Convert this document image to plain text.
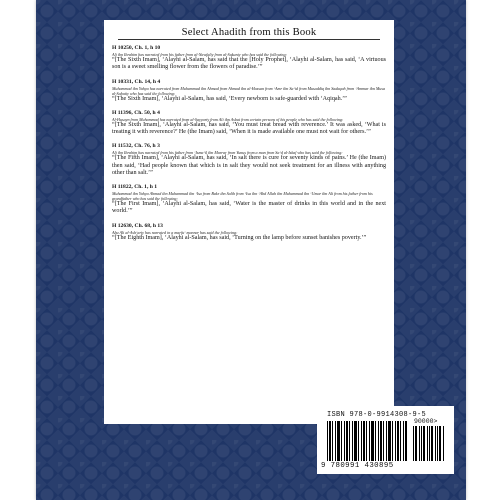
Select Ahadith from this Book
H 10250, Ch. 1, h 10
Ali ibn Ibrahim has narrated from his father from al-Nawfaliy from al-Sakuniy who has said the following:
“[The Sixth Imam], ‘Alayhi al-Salam, has said that the [Holy Prophet], ‘Alayhi al-Salam, has said, ‘A virtuous son is a sweet smelling flower from the flowers of paradise.’”
H 10331, Ch. 14, h 4
Muhammad ibn Yahya has narrated from Muhammad ibn Ahmad from Ahmad ibn al-Hassan from ‘Amr ibn Sa‘id from Musaddiq ibn Sadaqah from ‘Ammar ibn Musa al-Sabatiy who has said the following:
“[The Sixth Imam], ‘Alayhi al-Salam, has said, ‘Every newborn is safe-guarded with ‘Aqiqah.’”
H 11396, Ch. 50, h 4
Al-Husayn from Muhammad has narrated from al-Sayyariy from Ali ibn Asbat from certain persons of his people who has said the following:
“[The Sixth Imam], ‘Alayhi al-Salam, has said, ‘You must treat bread with reverence.’ It was asked, ‘What is treating it with reverence?’ He (the Imam) said, ‘When it is made available one must not wait for others.’”
H 11532, Ch. 76, h 3
Ali ibn Ibrahim has narrated from his father from ‘Isma‘il ibn Marrar from Yunus from a man from Sa‘d al-Iskaf who has said the following:
“[The Fifth Imam], ‘Alayhi al-Salam, has said, ‘In salt there is cure for seventy kinds of pains.’ He (the Imam) then said, ‘Had people known that which is in salt they would not seek treatment for an illness with anything other than salt.’”
H 11822, Ch. 1, h 1
Muhammad ibn Yahya Ahmad ibn Muhammad ibn ‘Isa from Bakr ibn Salih from ‘Isa ibn ‘Abd Allah ibn Muhammad ibn ‘Umar ibn Ali from his father from his grandfather who has said the following:
“[The First Imam], ‘Alayhi al-Salam, has said, ‘Water is the master of drinks in this world and in the next world.’”
H 12630, Ch. 68, h 13
Abu Ali al-Ash‘ariy has narrated in a marfu‘ manner has said the following:
“[The Eighth Imam], ‘Alayhi al-Salam, has said, ‘Turning on the lamp before sunset banishes poverty.’”
ISBN 978-0-9914308-9-5
90000>
9 780991 430895
